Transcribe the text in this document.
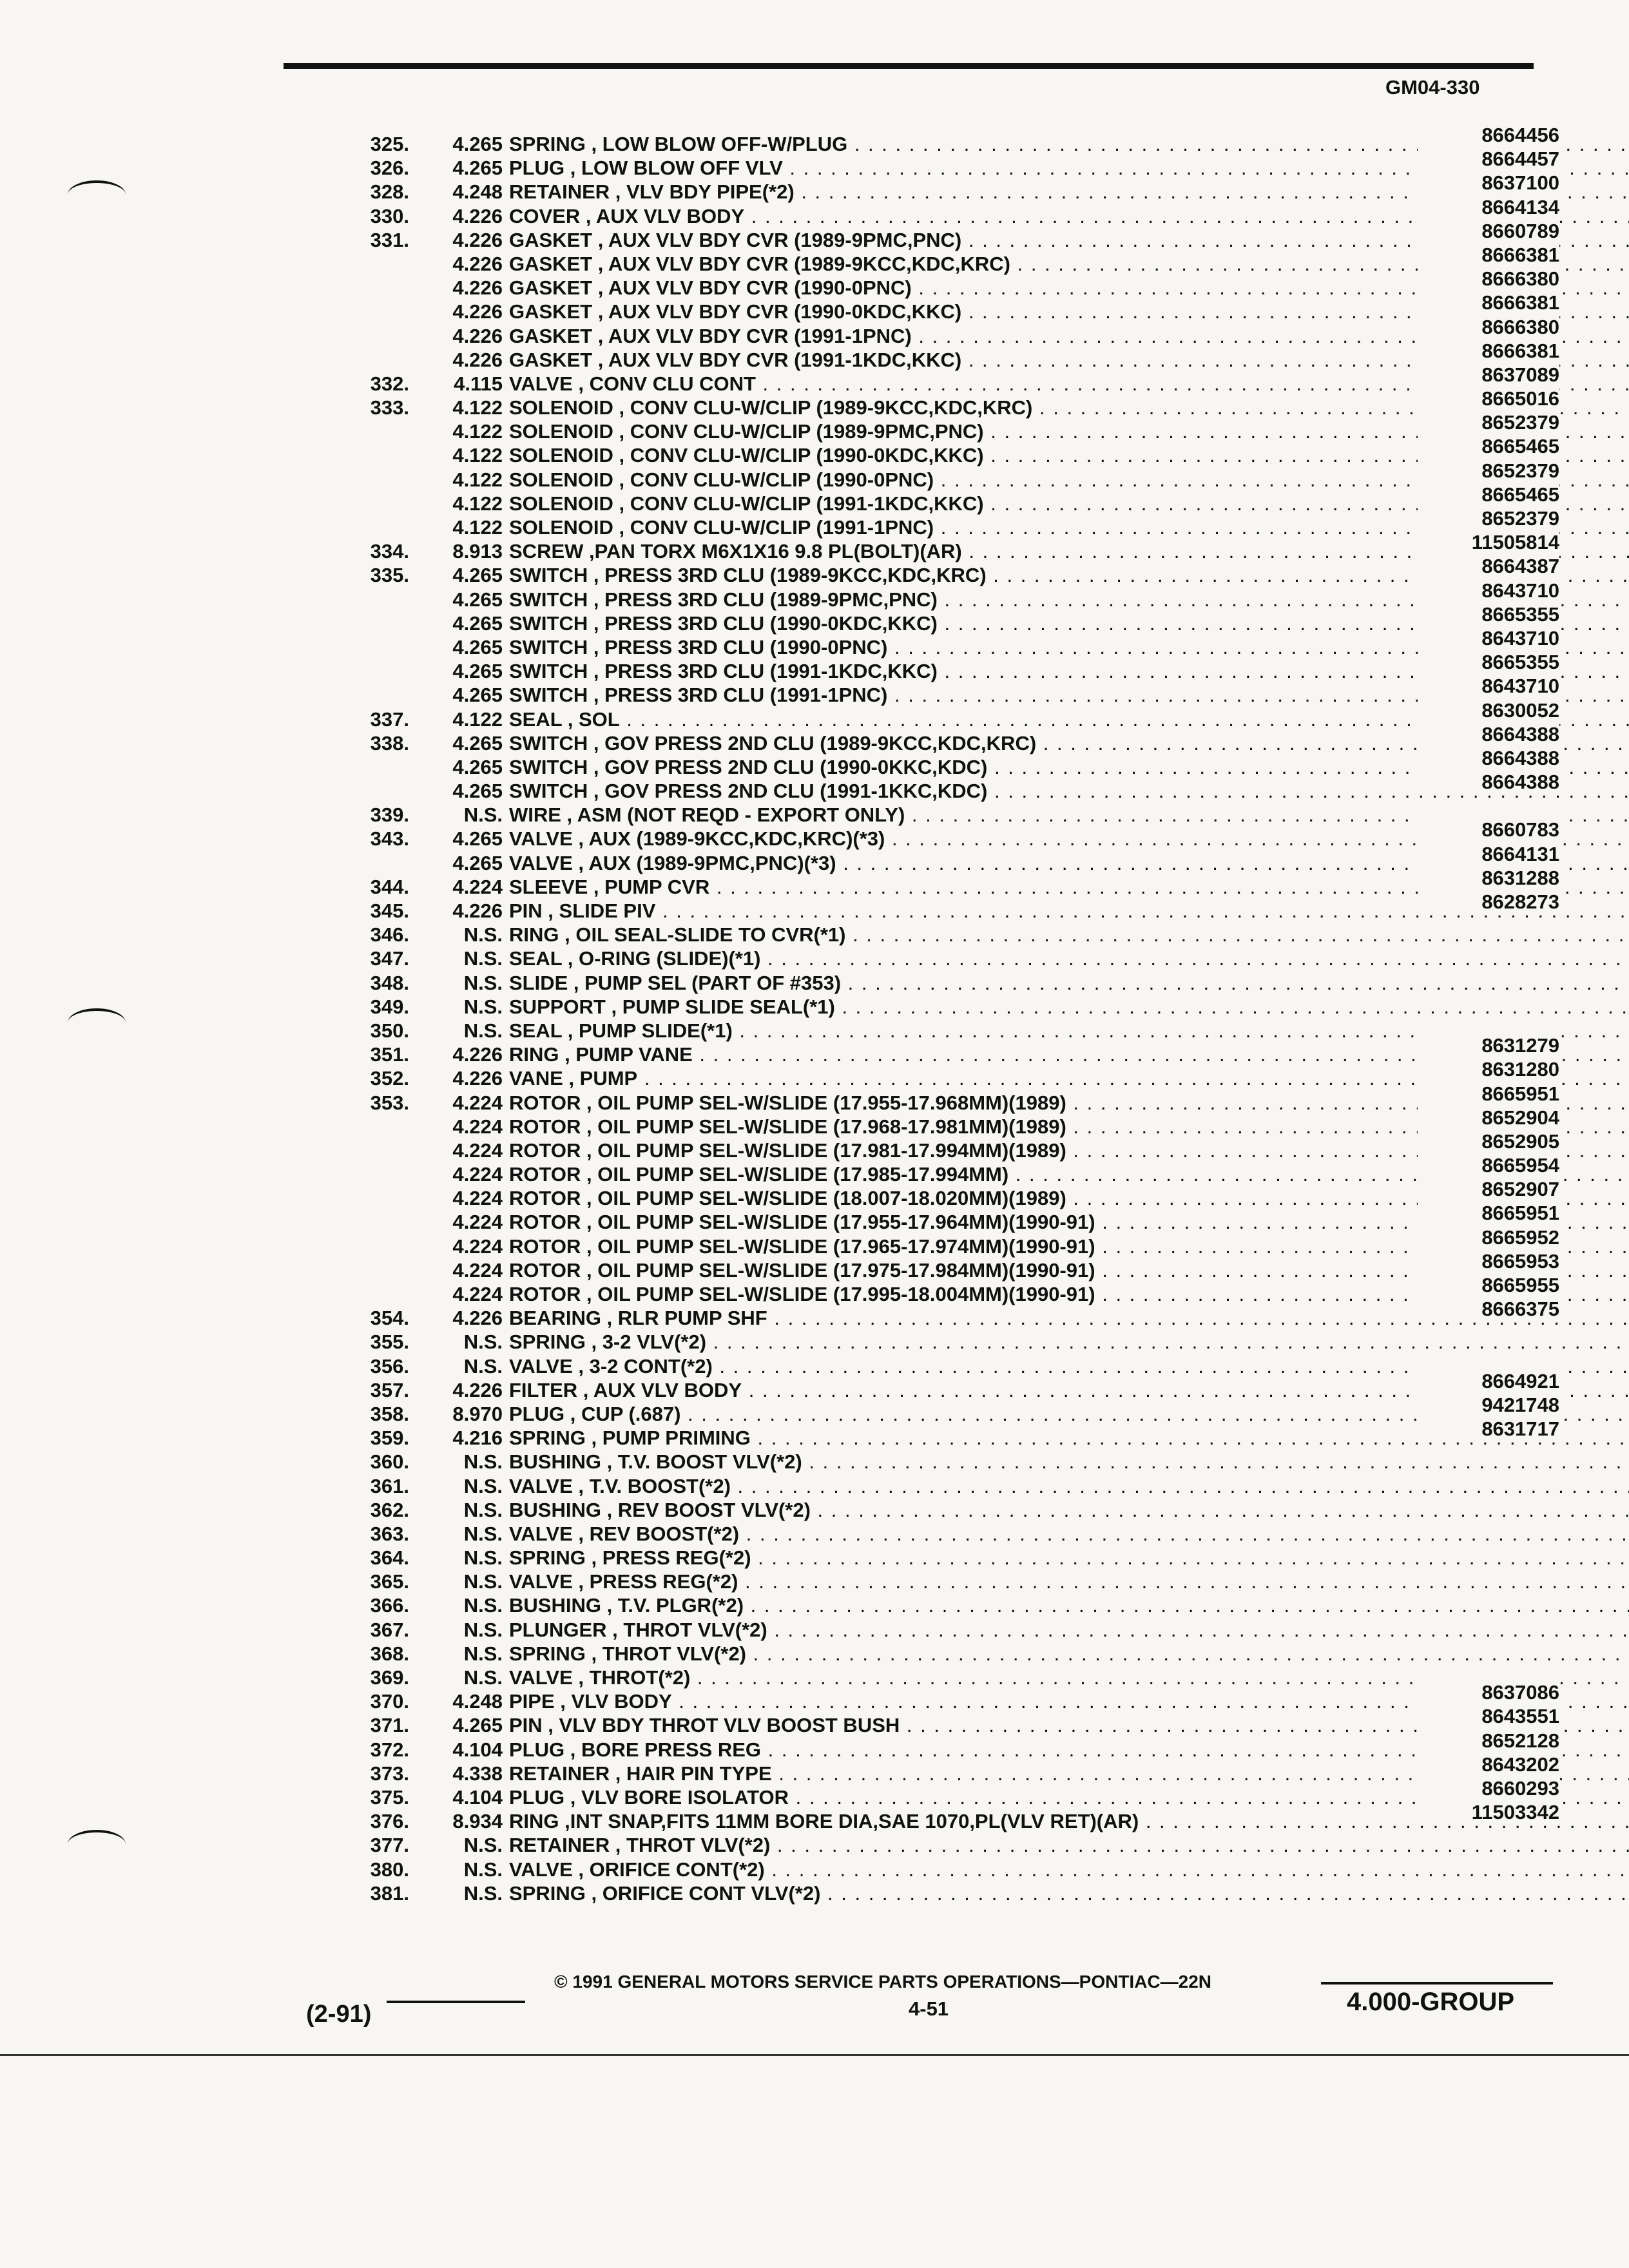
GM04-330
325.	4.265 SPRING , LOW BLOW OFF-W/PLUG . . .	8664456
326.	4.265 PLUG , LOW BLOW OFF VLV . . .	8664457
328.	4.248 RETAINER , VLV BDY PIPE(*2) . . .	8637100
330.	4.226 COVER , AUX VLV BODY . . .	8664134
331.	4.226 GASKET , AUX VLV BDY CVR (1989-9PMC,PNC) . . .	8660789
4.226 GASKET , AUX VLV BDY CVR (1989-9KCC,KDC,KRC) . . .	8666381
4.226 GASKET , AUX VLV BDY CVR (1990-0PNC) . . .	8666380
4.226 GASKET , AUX VLV BDY CVR (1990-0KDC,KKC) . . .	8666381
4.226 GASKET , AUX VLV BDY CVR (1991-1PNC) . . .	8666380
4.226 GASKET , AUX VLV BDY CVR (1991-1KDC,KKC) . . .	8666381
332.	4.115 VALVE , CONV CLU CONT . . .	8637089
333.	4.122 SOLENOID , CONV CLU-W/CLIP (1989-9KCC,KDC,KRC) . . .	8665016
4.122 SOLENOID , CONV CLU-W/CLIP (1989-9PMC,PNC) . . .	8652379
4.122 SOLENOID , CONV CLU-W/CLIP (1990-0KDC,KKC) . . .	8665465
4.122 SOLENOID , CONV CLU-W/CLIP (1990-0PNC) . . .	8652379
4.122 SOLENOID , CONV CLU-W/CLIP (1991-1KDC,KKC) . . .	8665465
4.122 SOLENOID , CONV CLU-W/CLIP (1991-1PNC) . . .	8652379
334.	8.913 SCREW ,PAN TORX M6X1X16 9.8 PL(BOLT)(AR) . . .	11505814
335.	4.265 SWITCH , PRESS 3RD CLU (1989-9KCC,KDC,KRC) . . .	8664387
4.265 SWITCH , PRESS 3RD CLU (1989-9PMC,PNC) . . .	8643710
4.265 SWITCH , PRESS 3RD CLU (1990-0KDC,KKC) . . .	8665355
4.265 SWITCH , PRESS 3RD CLU (1990-0PNC) . . .	8643710
4.265 SWITCH , PRESS 3RD CLU (1991-1KDC,KKC) . . .	8665355
4.265 SWITCH , PRESS 3RD CLU (1991-1PNC) . . .	8643710
337.	4.122 SEAL , SOL . . .	8630052
338.	4.265 SWITCH , GOV PRESS 2ND CLU (1989-9KCC,KDC,KRC) . . .	8664388
4.265 SWITCH , GOV PRESS 2ND CLU (1990-0KKC,KDC) . . .	8664388
4.265 SWITCH , GOV PRESS 2ND CLU (1991-1KKC,KDC) . . .	8664388
339.	N.S. WIRE , ASM (NOT REQD - EXPORT ONLY) . . .
343.	4.265 VALVE , AUX (1989-9KCC,KDC,KRC)(*3) . . .	8660783
4.265 VALVE , AUX (1989-9PMC,PNC)(*3) . . .	8664131
344.	4.224 SLEEVE , PUMP CVR . . .	8631288
345.	4.226 PIN , SLIDE PIV . . .	8628273
346.	N.S. RING , OIL SEAL-SLIDE TO CVR(*1) . . .
347.	N.S. SEAL , O-RING (SLIDE)(*1) . . .
348.	N.S. SLIDE , PUMP SEL (PART OF #353) . . .
349.	N.S. SUPPORT , PUMP SLIDE SEAL(*1) . . .
350.	N.S. SEAL , PUMP SLIDE(*1) . . .
351.	4.226 RING , PUMP VANE . . .	8631279
352.	4.226 VANE , PUMP . . .	8631280
353.	4.224 ROTOR , OIL PUMP SEL-W/SLIDE (17.955-17.968MM)(1989) . . .	8665951
4.224 ROTOR , OIL PUMP SEL-W/SLIDE (17.968-17.981MM)(1989) . . .	8652904
4.224 ROTOR , OIL PUMP SEL-W/SLIDE (17.981-17.994MM)(1989) . . .	8652905
4.224 ROTOR , OIL PUMP SEL-W/SLIDE (17.985-17.994MM) . . .	8665954
4.224 ROTOR , OIL PUMP SEL-W/SLIDE (18.007-18.020MM)(1989) . . .	8652907
4.224 ROTOR , OIL PUMP SEL-W/SLIDE (17.955-17.964MM)(1990-91) . . .	8665951
4.224 ROTOR , OIL PUMP SEL-W/SLIDE (17.965-17.974MM)(1990-91) . . .	8665952
4.224 ROTOR , OIL PUMP SEL-W/SLIDE (17.975-17.984MM)(1990-91) . . .	8665953
4.224 ROTOR , OIL PUMP SEL-W/SLIDE (17.995-18.004MM)(1990-91) . . .	8665955
354.	4.226 BEARING , RLR PUMP SHF . . .	8666375
355.	N.S. SPRING , 3-2 VLV(*2) . . .
356.	N.S. VALVE , 3-2 CONT(*2) . . .
357.	4.226 FILTER , AUX VLV BODY . . .	8664921
358.	8.970 PLUG , CUP (.687) . . .	9421748
359.	4.216 SPRING , PUMP PRIMING . . .	8631717
360.	N.S. BUSHING , T.V. BOOST VLV(*2) . . .
361.	N.S. VALVE , T.V. BOOST(*2) . . .
362.	N.S. BUSHING , REV BOOST VLV(*2) . . .
363.	N.S. VALVE , REV BOOST(*2) . . .
364.	N.S. SPRING , PRESS REG(*2) . . .
365.	N.S. VALVE , PRESS REG(*2) . . .
366.	N.S. BUSHING , T.V. PLGR(*2) . . .
367.	N.S. PLUNGER , THROT VLV(*2) . . .
368.	N.S. SPRING , THROT VLV(*2) . . .
369.	N.S. VALVE , THROT(*2) . . .
370.	4.248 PIPE , VLV BODY . . .	8637086
371.	4.265 PIN , VLV BDY THROT VLV BOOST BUSH . . .	8643551
372.	4.104 PLUG , BORE PRESS REG . . .	8652128
373.	4.338 RETAINER , HAIR PIN TYPE . . .	8643202
375.	4.104 PLUG , VLV BORE ISOLATOR . . .	8660293
376.	8.934 RING ,INT SNAP,FITS 11MM BORE DIA,SAE 1070,PL(VLV RET)(AR) . . .	11503342
377.	N.S. RETAINER , THROT VLV(*2) . . .
380.	N.S. VALVE , ORIFICE CONT(*2) . . .
381.	N.S. SPRING , ORIFICE CONT VLV(*2) . . .
© 1991 GENERAL MOTORS SERVICE PARTS OPERATIONS—PONTIAC—22N
(2-91)	4-51	4.000-GROUP
